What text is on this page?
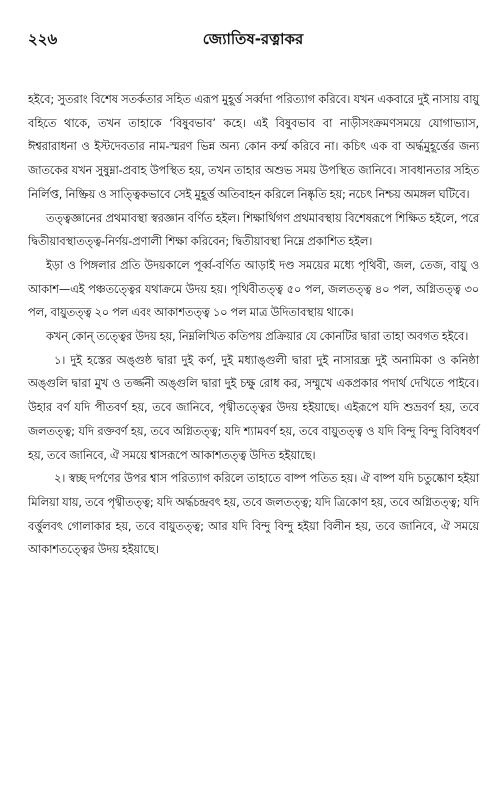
২২৬	জ্যোতিষ-রত্নাকর

হইবে; সুতরাং বিশেষ সতর্কতার সহিত এরূপ মুহূর্ত্ত সর্ব্বদা পরিত্যাগ করিবে। যখন একবারে দুই নাসায় বায়ু বহিতে থাকে, তখন তাহাকে ‘বিষুবভাব’ কহে। এই বিষুবভাব বা নাড়ীসংক্রমণসময়ে যোগাভ্যাস, ঈশ্বরারাধনা ও ইস্টদেবতার নাম-স্মরণ ভিন্ন অন্য কোন কর্ম্ম করিবে না। কচিৎ এক বা অর্দ্ধমুহূর্ত্তের জন্য জাতকের যখন সুষুম্না-প্রবাহ উপস্থিত হয়, তখন তাহার অশুভ সময় উপস্থিত জানিবে। সাবধানতার সহিত নির্লিপ্ত, নিষ্ক্রিয় ও সাত্ত্বিকভাবে সেই মুহূর্ত্ত অতিবাহন করিলে নিষ্কৃতি হয়; নচেৎ নিশ্চয় অমঙ্গল ঘটিবে।

তত্ত্বজ্ঞানের প্রথমাবস্থা স্বরজ্ঞান বর্ণিত হইল। শিক্ষার্থিগণ প্রথমাবস্থায় বিশেষরূপে শিক্ষিত হইলে, পরে দ্বিতীয়াবস্থাতত্ত্ব-নির্ণয়-প্রণালী শিক্ষা করিবেন; দ্বিতীয়াবস্থা নিম্নে প্রকাশিত হইল।

ইড়া ও পিঙ্গলার প্রতি উদয়কালে পূর্ব্ব-বর্ণিত আড়াই দণ্ড সময়ের মধ্যে পৃথিবী, জল, তেজ, বায়ু ও আকাশ—এই পঞ্চতত্ত্বের যথাক্রমে উদয় হয়। পৃথিবীতত্ত্ব ৫০ পল, জলতত্ত্ব ৪০ পল, অগ্নিতত্ত্ব ৩০ পল, বায়ুতত্ত্ব ২০ পল এবং আকাশতত্ত্ব ১০ পল মাত্র উদিতাবস্থায় থাকে।

কখন্ কোন্ তত্ত্বের উদয় হয়, নিম্নলিখিত কতিপয় প্রক্রিয়ার যে কোনটির দ্বারা তাহা অবগত হইবে।

১। দুই হস্তের অঙ্গুষ্ঠ দ্বারা দুই কর্ণ, দুই মধ্যাঙ্গুলী দ্বারা দুই নাসারন্ধ্র দুই অনামিকা ও কনিষ্ঠা অঙ্গুলি দ্বারা মুখ ও তর্জ্জনী অঙ্গুলি দ্বারা দুই চক্ষু রোধ কর, সম্মুখে একপ্রকার পদার্থ দেখিতে পাইবে। উহার বর্ণ যদি পীতবর্ণ হয়, তবে জানিবে, পৃথ্বীতত্ত্বের উদয় হইয়াছে। এইরূপে যদি শুভ্রবর্ণ হয়, তবে জলতত্ত্ব; যদি রক্তবর্ণ হয়, তবে অগ্নিতত্ত্ব; যদি শ্যামবর্ণ হয়, তবে বায়ুতত্ত্ব ও যদি বিন্দু বিন্দু বিবিধবর্ণ হয়, তবে জানিবে, ঐ সময়ে শ্বাসরূপে আকাশতত্ত্ব উদিত হইয়াছে।

২। স্বচ্ছ দর্পণের উপর শ্বাস পরিত্যাগ করিলে তাহাতে বাষ্প পতিত হয়। ঐ বাষ্প যদি চতুষ্কোণ হইয়া মিলিয়া যায়, তবে পৃথ্বীতত্ত্ব; যদি অর্দ্ধচন্দ্রবৎ হয়, তবে জলতত্ত্ব; যদি ত্রিকোণ হয়, তবে অগ্নিতত্ত্ব; যদি বর্ত্তুলবৎ গোলাকার হয়, তবে বায়ুতত্ত্ব; আর যদি বিন্দু বিন্দু হইয়া বিলীন হয়, তবে জানিবে, ঐ সময়ে আকাশতত্ত্বের উদয় হইয়াছে।
